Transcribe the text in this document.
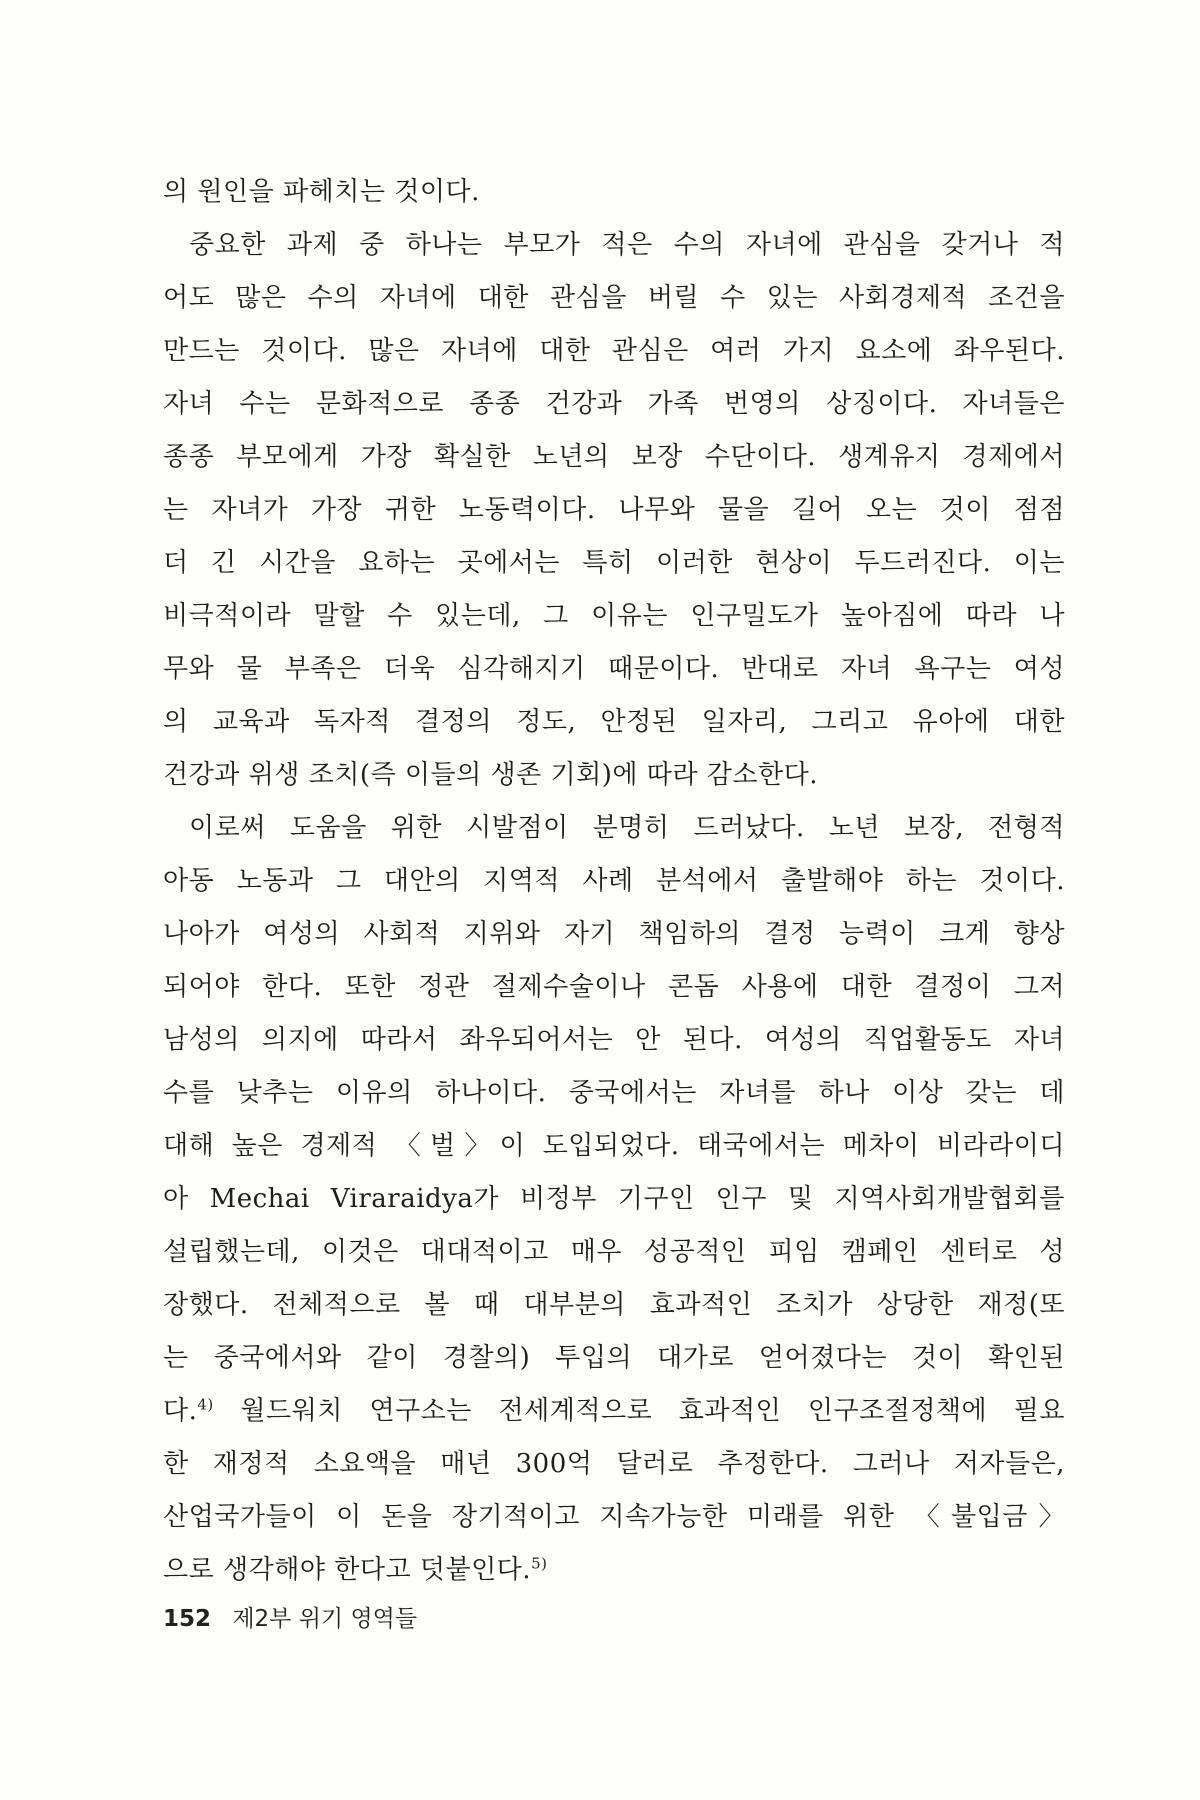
의 원인을 파헤치는 것이다.
중요한 과제 중 하나는 부모가 적은 수의 자녀에 관심을 갖거나 적
어도 많은 수의 자녀에 대한 관심을 버릴 수 있는 사회경제적 조건을
만드는 것이다. 많은 자녀에 대한 관심은 여러 가지 요소에 좌우된다.
자녀 수는 문화적으로 종종 건강과 가족 번영의 상징이다. 자녀들은
종종 부모에게 가장 확실한 노년의 보장 수단이다. 생계유지 경제에서
는 자녀가 가장 귀한 노동력이다. 나무와 물을 길어 오는 것이 점점
더 긴 시간을 요하는 곳에서는 특히 이러한 현상이 두드러진다. 이는
비극적이라 말할 수 있는데, 그 이유는 인구밀도가 높아짐에 따라 나
무와 물 부족은 더욱 심각해지기 때문이다. 반대로 자녀 욕구는 여성
의 교육과 독자적 결정의 정도, 안정된 일자리, 그리고 유아에 대한
건강과 위생 조치(즉 이들의 생존 기회)에 따라 감소한다.
이로써 도움을 위한 시발점이 분명히 드러났다. 노년 보장, 전형적
아동 노동과 그 대안의 지역적 사례 분석에서 출발해야 하는 것이다.
나아가 여성의 사회적 지위와 자기 책임하의 결정 능력이 크게 향상
되어야 한다. 또한 정관 절제수술이나 콘돔 사용에 대한 결정이 그저
남성의 의지에 따라서 좌우되어서는 안 된다. 여성의 직업활동도 자녀
수를 낮추는 이유의 하나이다. 중국에서는 자녀를 하나 이상 갖는 데
대해 높은 경제적 〈벌〉이 도입되었다. 태국에서는 메차이 비라라이디
아 Mechai Viraraidya가 비정부 기구인 인구 및 지역사회개발협회를
설립했는데, 이것은 대대적이고 매우 성공적인 피임 캠페인 센터로 성
장했다. 전체적으로 볼 때 대부분의 효과적인 조치가 상당한 재정(또
는 중국에서와 같이 경찰의) 투입의 대가로 얻어졌다는 것이 확인된
다.$^{4)}$ 월드워치 연구소는 전세계적으로 효과적인 인구조절정책에 필요
한 재정적 소요액을 매년 300억 달러로 추정한다. 그러나 저자들은,
산업국가들이 이 돈을 장기적이고 지속가능한 미래를 위한 〈불입금〉
으로 생각해야 한다고 덧붙인다.$^{5)}$
152 제2부 위기 영역들
